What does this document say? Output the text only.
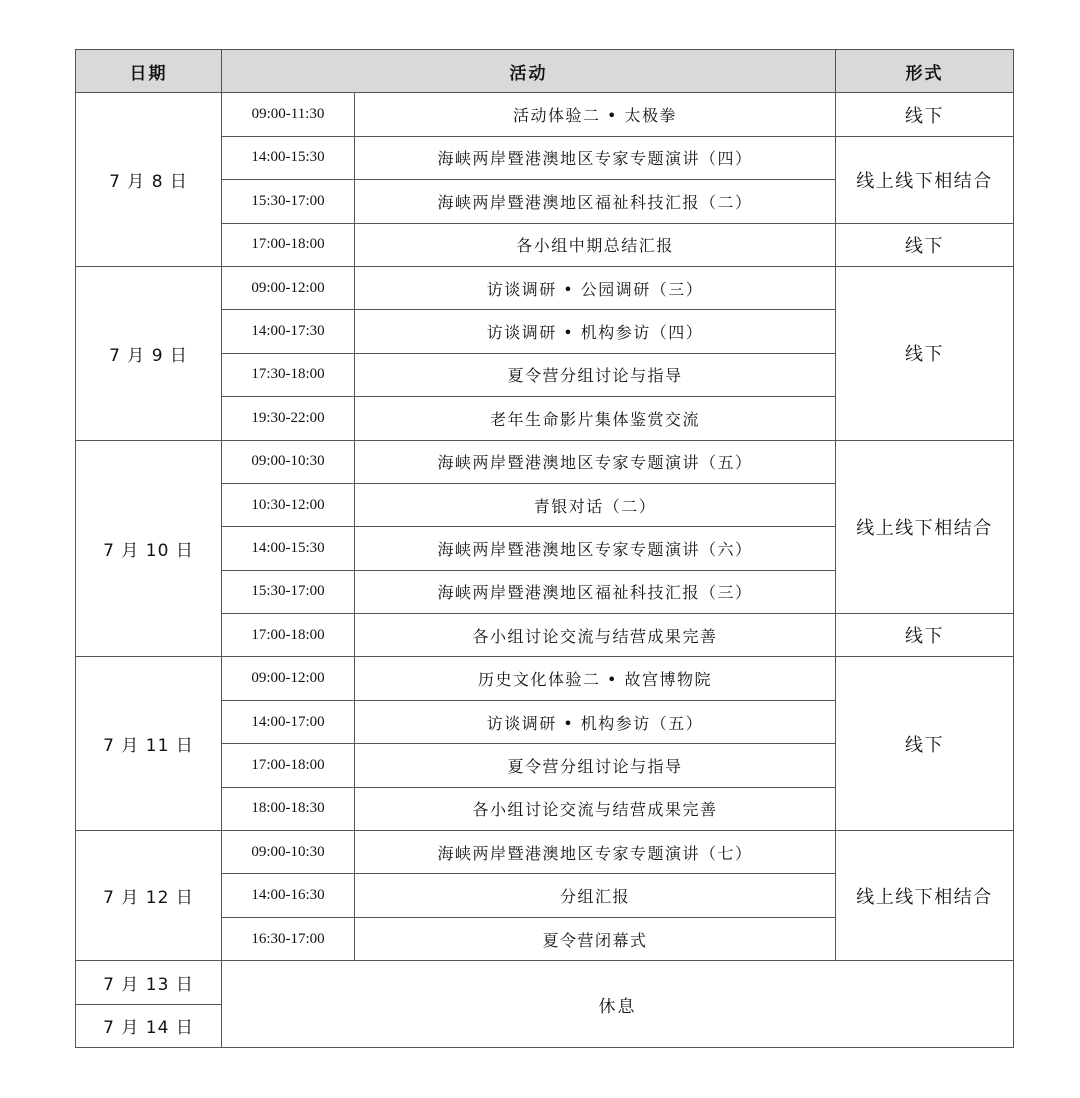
日期	活动		形式
7 月 8 日	09:00-11:30	活动体验二 • 太极拳	线下
	14:00-15:30	海峡两岸暨港澳地区专家专题演讲（四）	线上线下相结合
	15:30-17:00	海峡两岸暨港澳地区福祉科技汇报（二）	
	17:00-18:00	各小组中期总结汇报	线下
7 月 9 日	09:00-12:00	访谈调研 • 公园调研（三）	线下
	14:00-17:30	访谈调研 • 机构参访（四）	
	17:30-18:00	夏令营分组讨论与指导	
	19:30-22:00	老年生命影片集体鉴赏交流	
7 月 10 日	09:00-10:30	海峡两岸暨港澳地区专家专题演讲（五）	线上线下相结合
	10:30-12:00	青银对话（二）	
	14:00-15:30	海峡两岸暨港澳地区专家专题演讲（六）	
	15:30-17:00	海峡两岸暨港澳地区福祉科技汇报（三）	
	17:00-18:00	各小组讨论交流与结营成果完善	线下
7 月 11 日	09:00-12:00	历史文化体验二 • 故宫博物院	线下
	14:00-17:00	访谈调研 • 机构参访（五）	
	17:00-18:00	夏令营分组讨论与指导	
	18:00-18:30	各小组讨论交流与结营成果完善	
7 月 12 日	09:00-10:30	海峡两岸暨港澳地区专家专题演讲（七）	线上线下相结合
	14:00-16:30	分组汇报	
	16:30-17:00	夏令营闭幕式	
7 月 13 日	休息		
7 月 14 日			
